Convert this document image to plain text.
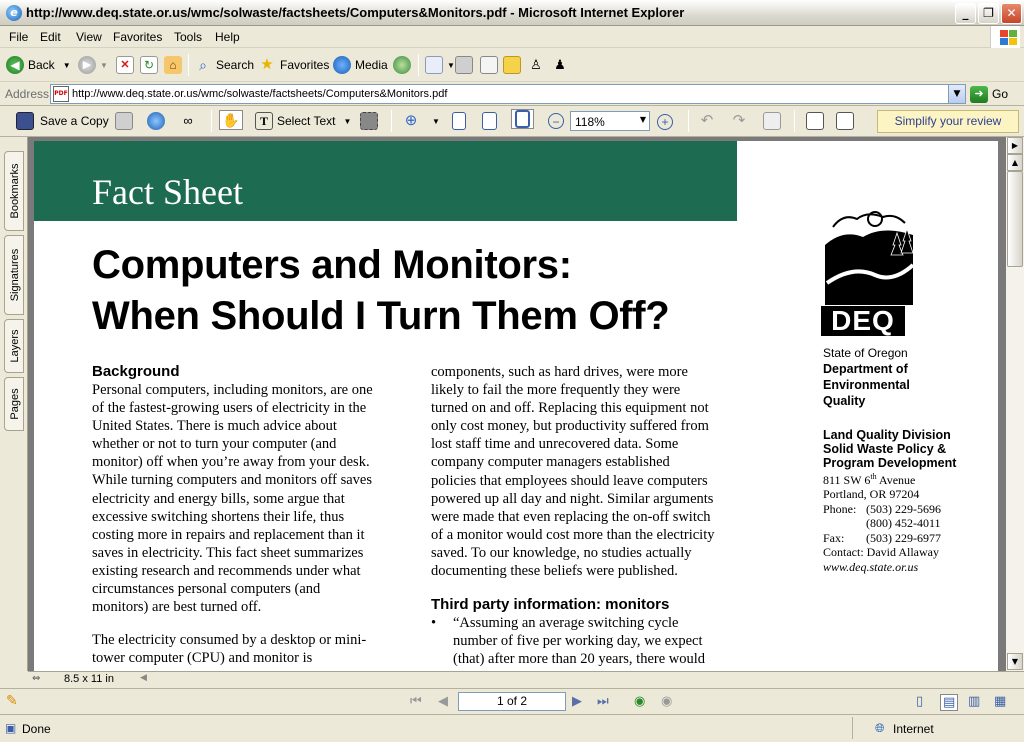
e http://www.deq.state.or.us/wmc/solwaste/factsheets/Computers&Monitors.pdf - Microsoft Internet Explorer	_	❐	✕
File Edit View Favorites Tools Help
◀ Back ▼	▶	▼	✕	↻	⌂	⌕ Search ★ Favorites Media	▼	♙ ♟
Address PDF http://www.deq.state.or.us/wmc/solwaste/factsheets/Computers&Monitors.pdf	▼	➜ Go
Save a Copy	∞	✋	T Select Text ▼	⊕	▼	−	118%	▼	+	↶ ↷	Simplify your review
Bookmarks
Signatures
Layers
Pages
Fact Sheet
Computers and Monitors:
When Should I Turn Them Off?
Background
Personal computers, including monitors, are one
of the fastest-growing users of electricity in the
United States. There is much advice about
whether or not to turn your computer (and
monitor) off when you’re away from your desk.
While turning computers and monitors off saves
electricity and energy bills, some argue that
excessive switching shortens their life, thus
costing more in repairs and replacement than it
saves in electricity. This fact sheet summarizes
existing research and recommends under what
circumstances personal computers (and
monitors) are best turned off.
The electricity consumed by a desktop or mini-
tower computer (CPU) and monitor is
components, such as hard drives, were more
likely to fail the more frequently they were
turned on and off. Replacing this equipment not
only cost money, but productivity suffered from
lost staff time and unrecovered data. Some
company computer managers established
policies that employees should leave computers
powered up all day and night. Similar arguments
were made that even replacing the on-off switch
of a monitor would cost more than the electricity
saved. To our knowledge, no studies actually
documenting these beliefs were published.
Third party information: monitors
• “Assuming an average switching cycle
number of five per working day, we expect
(that) after more than 20 years, there would
DEQ
State of Oregon
Department of
Environmental
Quality
Land Quality Division
Solid Waste Policy &
Program Development
811 SW 6th Avenue
Portland, OR 97204
Phone: (503) 229-5696
(800) 452-4011
Fax: (503) 229-6977
Contact: David Allaway
www.deq.state.or.us
▶
▲
▼
⇔ 8.5 x 11 in	◀
✎	⏮ ◀	1 of 2	▶ ⏭ ◉ ◉	▯ ▤ ▥ ▦
▣ Done	🌐︎ Internet
